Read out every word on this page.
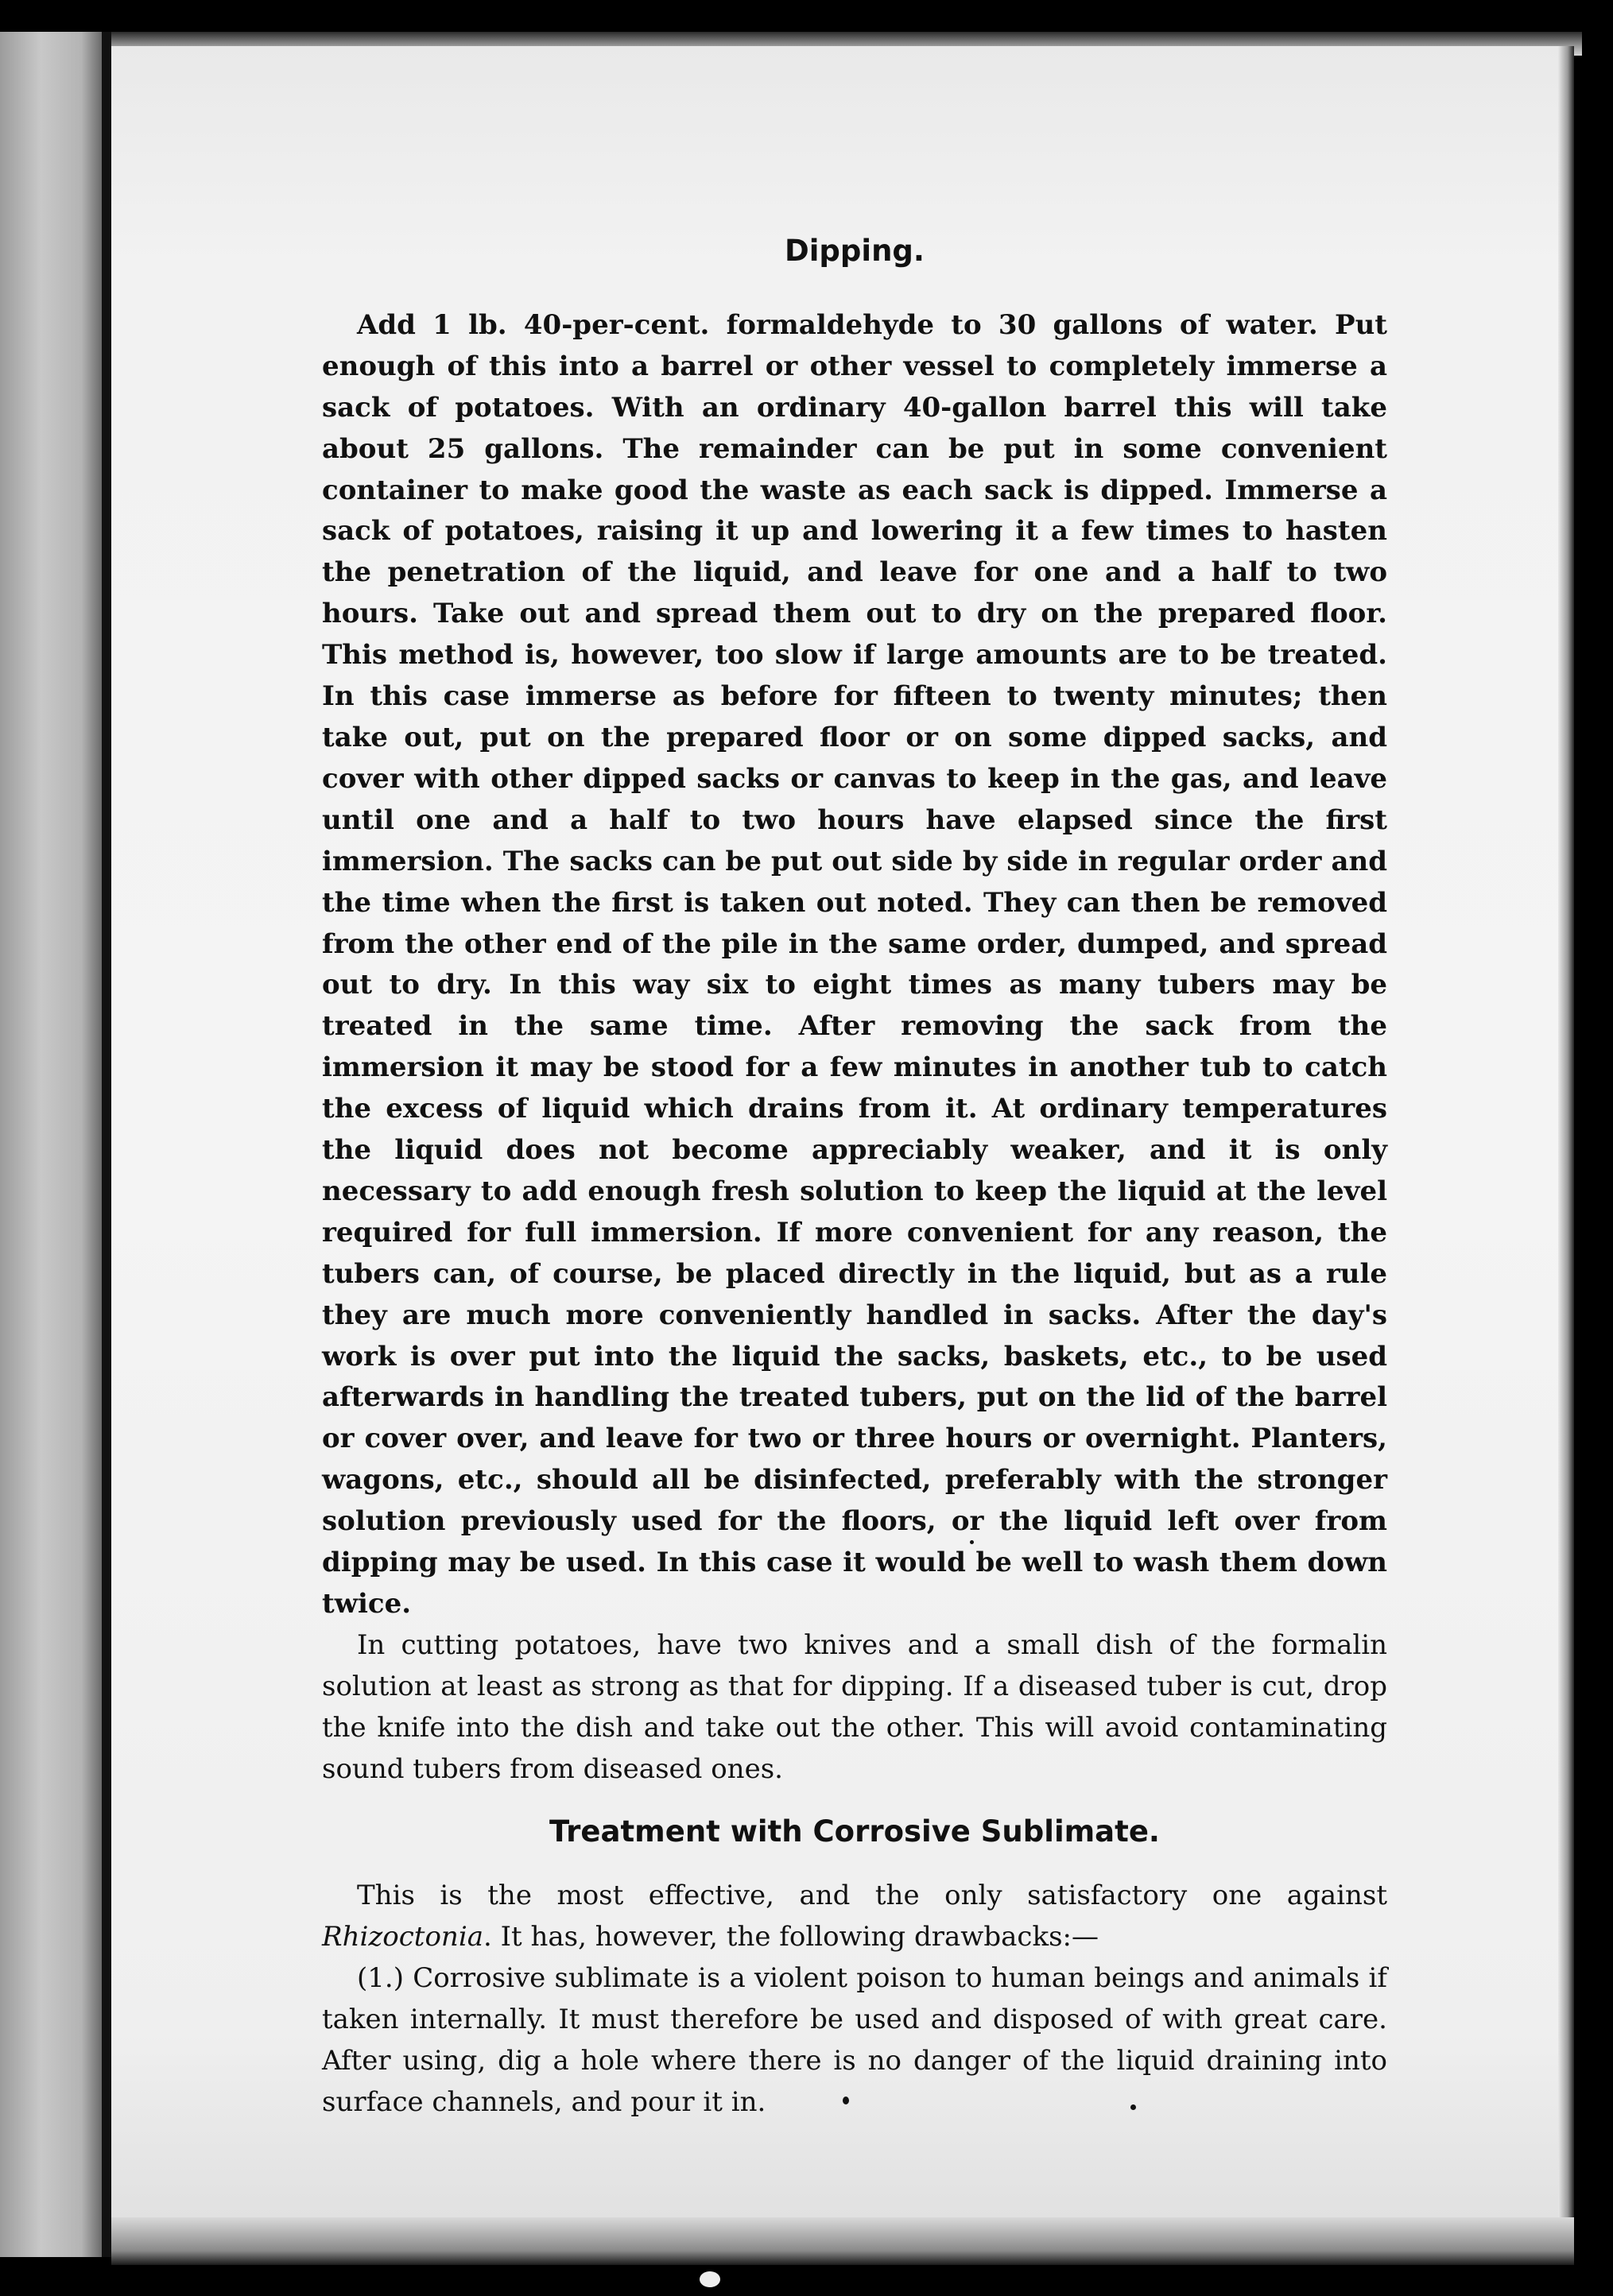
Dipping.

Add 1 lb. 40-per-cent. formaldehyde to 30 gallons of water. Put enough of this into a barrel or other vessel to completely immerse a sack of potatoes. With an ordinary 40-gallon barrel this will take about 25 gallons. The remainder can be put in some convenient container to make good the waste as each sack is dipped. Immerse a sack of potatoes, raising it up and lowering it a few times to hasten the penetration of the liquid, and leave for one and a half to two hours. Take out and spread them out to dry on the prepared floor. This method is, however, too slow if large amounts are to be treated. In this case immerse as before for fifteen to twenty minutes; then take out, put on the prepared floor or on some dipped sacks, and cover with other dipped sacks or canvas to keep in the gas, and leave until one and a half to two hours have elapsed since the first immersion. The sacks can be put out side by side in regular order and the time when the first is taken out noted. They can then be removed from the other end of the pile in the same order, dumped, and spread out to dry. In this way six to eight times as many tubers may be treated in the same time. After removing the sack from the immersion it may be stood for a few minutes in another tub to catch the excess of liquid which drains from it. At ordinary temperatures the liquid does not become appreciably weaker, and it is only necessary to add enough fresh solution to keep the liquid at the level required for full immersion. If more convenient for any reason, the tubers can, of course, be placed directly in the liquid, but as a rule they are much more conveniently handled in sacks. After the day's work is over put into the liquid the sacks, baskets, etc., to be used afterwards in handling the treated tubers, put on the lid of the barrel or cover over, and leave for two or three hours or overnight. Planters, wagons, etc., should all be disinfected, preferably with the stronger solution previously used for the floors, or the liquid left over from dipping may be used. In this case it would be well to wash them down twice.

In cutting potatoes, have two knives and a small dish of the formalin solution at least as strong as that for dipping. If a diseased tuber is cut, drop the knife into the dish and take out the other. This will avoid contaminating sound tubers from diseased ones.

Treatment with Corrosive Sublimate.

This is the most effective, and the only satisfactory one against Rhizoctonia. It has, however, the following drawbacks:—

(1.) Corrosive sublimate is a violent poison to human beings and animals if taken internally. It must therefore be used and disposed of with great care. After using, dig a hole where there is no danger of the liquid draining into surface channels, and pour it in.
